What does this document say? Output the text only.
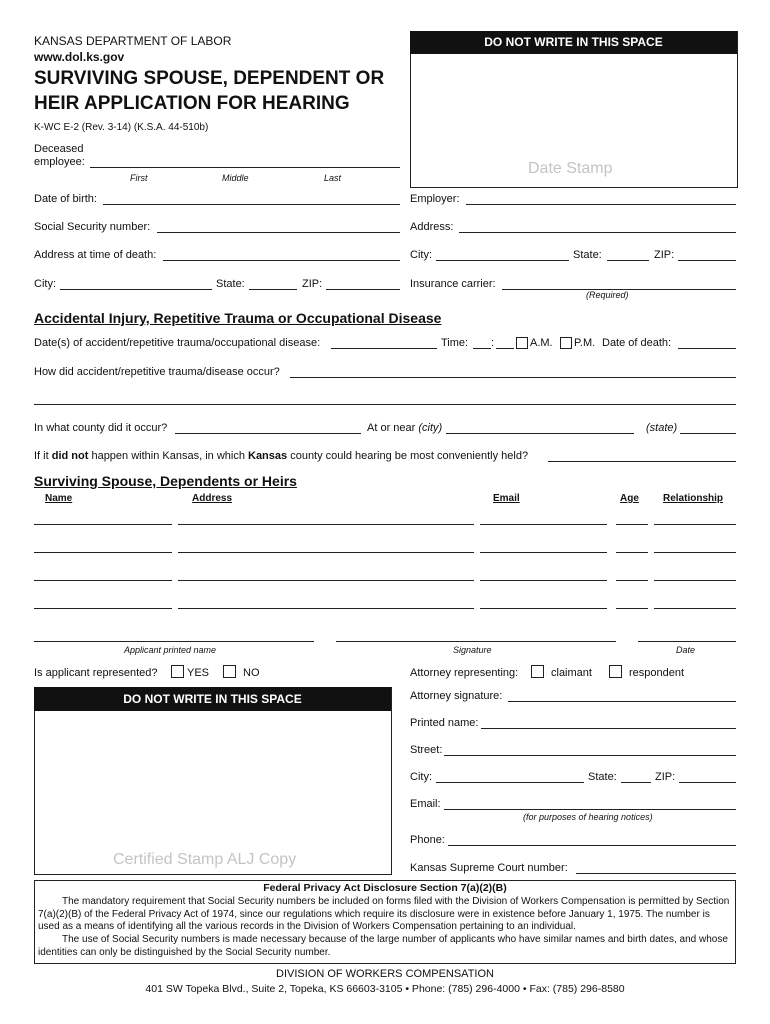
KANSAS DEPARTMENT OF LABOR
www.dol.ks.gov
SURVIVING SPOUSE, DEPENDENT OR
HEIR APPLICATION FOR HEARING
K-WC E-2 (Rev. 3-14) (K.S.A. 44-510b)
DO NOT WRITE IN THIS SPACE
Date Stamp
Deceased
employee:
First	Middle	Last
Date of birth:
Social Security number:
Address at time of death:
City:	State:	ZIP:
Employer:
Address:
City:	State:	ZIP:
Insurance carrier:
(Required)
Accidental Injury, Repetitive Trauma or Occupational Disease
Date(s) of accident/repetitive trauma/occupational disease:	Time: :	A.M. P.M. Date of death:
How did accident/repetitive trauma/disease occur?
In what county did it occur?	At or near (city)	(state)
If it did not happen within Kansas, in which Kansas county could hearing be most conveniently held?
Surviving Spouse, Dependents or Heirs
Name	Address	Email	Age Relationship
Applicant printed name	Signature	Date
Is applicant represented?	YES	NO
DO NOT WRITE IN THIS SPACE
Certified Stamp ALJ Copy
Attorney representing:	claimant	respondent
Attorney signature:
Printed name:
Street:
City:	State:	ZIP:
Email:
(for purposes of hearing notices)
Phone:
Kansas Supreme Court number:
Federal Privacy Act Disclosure Section 7(a)(2)(B)
The mandatory requirement that Social Security numbers be included on forms filed with the Division of Workers Compensation is permitted by Section 7(a)(2)(B) of the Federal Privacy Act of 1974, since our regulations which require its disclosure were in existence before January 1, 1975. The number is used as a means of identifying all the various records in the Division of Workers Compensation pertaining to an individual.
The use of Social Security numbers is made necessary because of the large number of applicants who have similar names and birth dates, and whose identities can only be distinguished by the Social Security number.
DIVISION OF WORKERS COMPENSATION
401 SW Topeka Blvd., Suite 2, Topeka, KS 66603-3105 • Phone: (785) 296-4000 • Fax: (785) 296-8580
